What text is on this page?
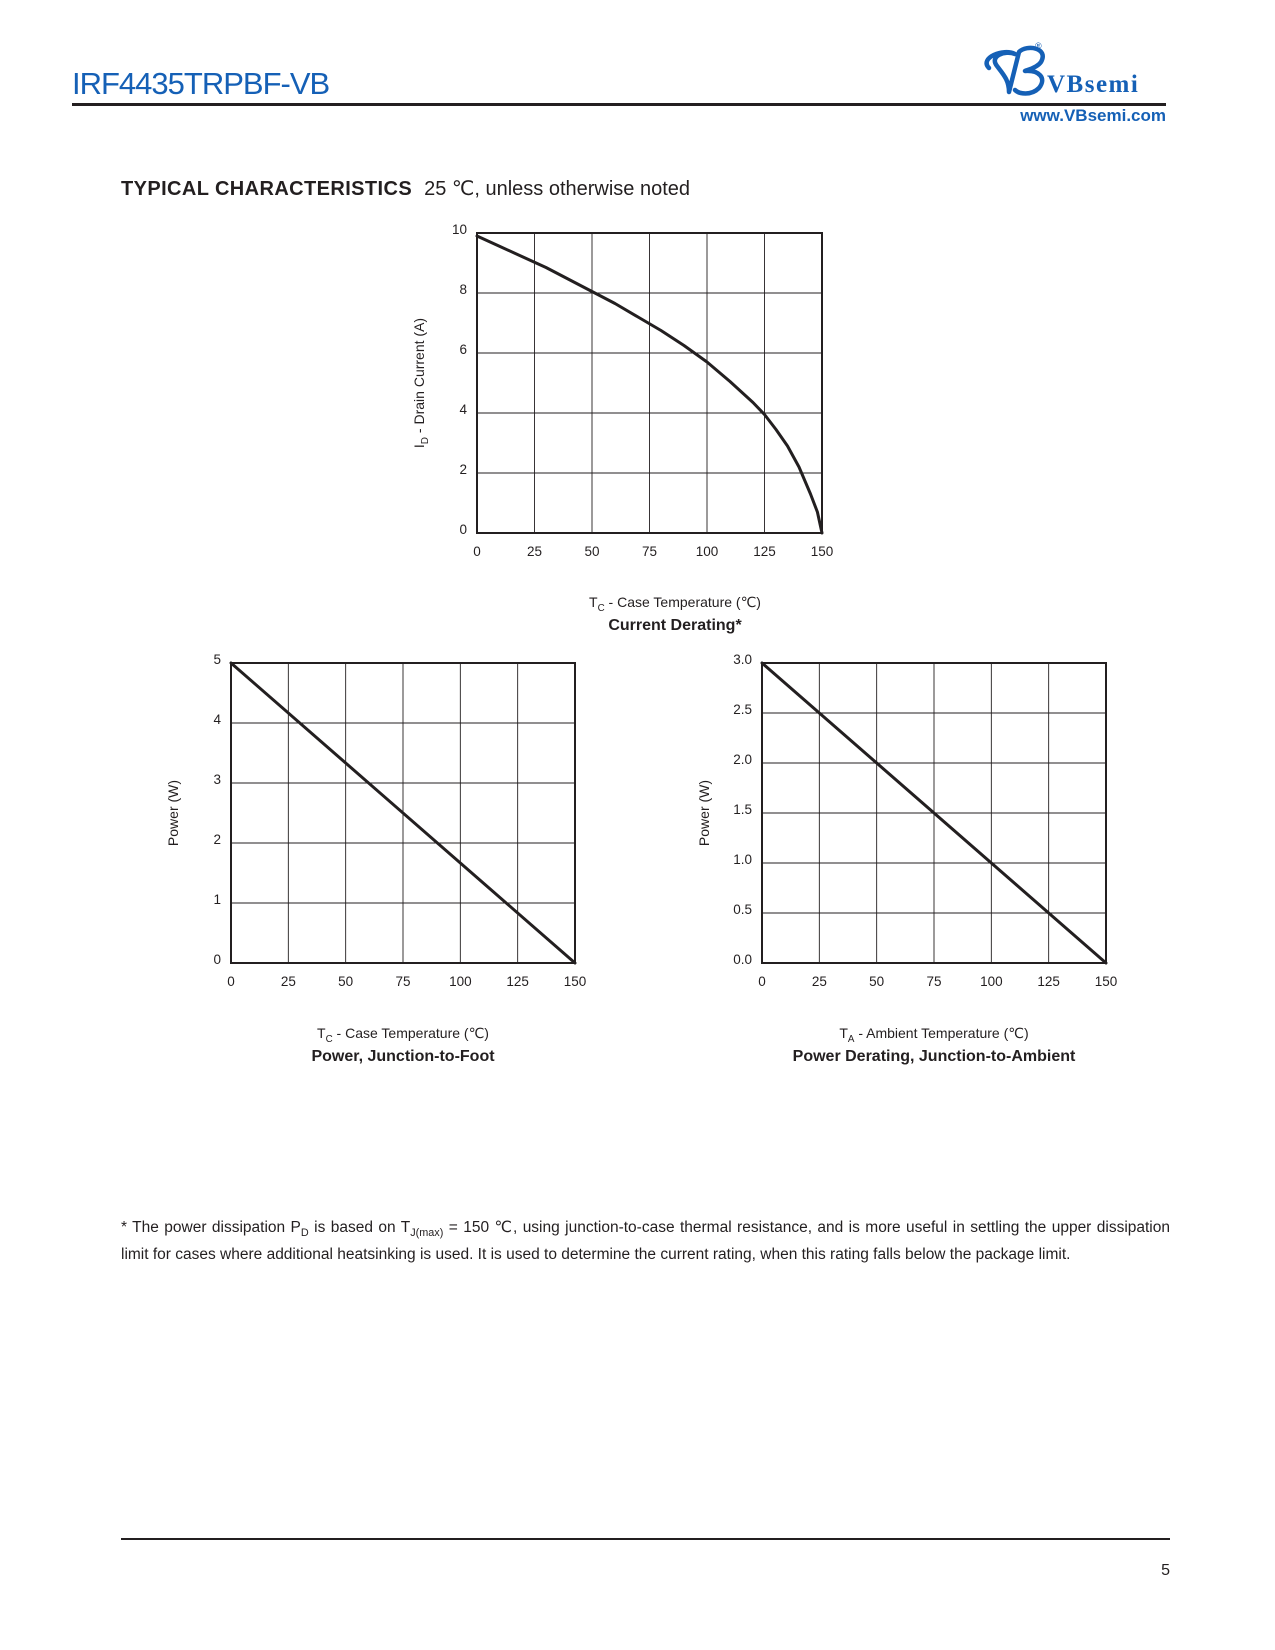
IRF4435TRPBF-VB
®
VBsemi
www.VBsemi.com
TYPICAL CHARACTERISTICS 25 ℃, unless otherwise noted
0	25	50	75	100	125	150
0
2
4
6
8
10
$I_D$ - Drain Current (A)
$T_C$ - Case Temperature (℃)
Current Derating*
0	25	50	75	100	125	150
0
1
2
3
4
5
Power (W)
$T_C$ - Case Temperature (℃)
Power, Junction-to-Foot
0	25	50	75	100	125	150
0.0
0.5
1.0
1.5
2.0
2.5
3.0
Power (W)
$T_A$ - Ambient Temperature (℃)
Power Derating, Junction-to-Ambient
* The power dissipation $P_D$ is based on $T_{J(max)} = 150$ ℃, using junction-to-case thermal resistance, and is more useful in settling the upper dissipation limit for cases where additional heatsinking is used. It is used to determine the current rating, when this rating falls below the package limit.
5
